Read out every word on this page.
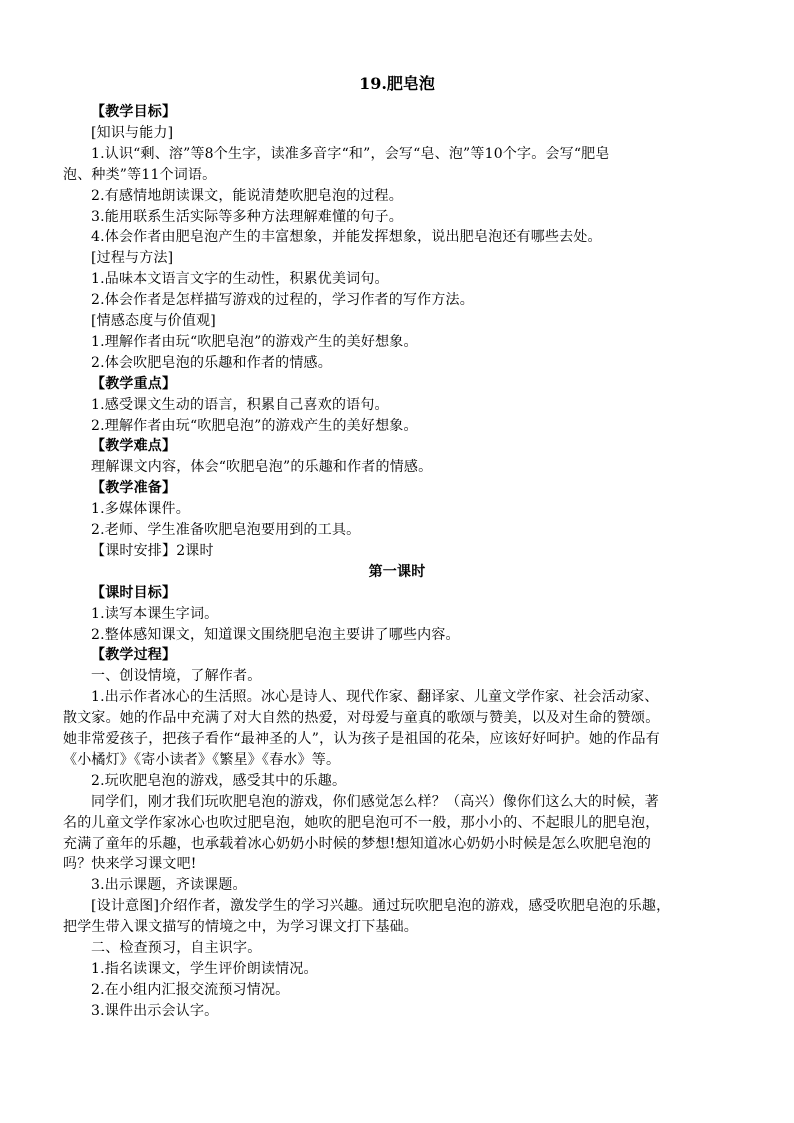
19.肥皂泡
【教学目标】
[知识与能力]
1.认识“剩、溶”等8个生字，读准多音字“和”，会写“皂、泡”等10个字。会写“肥皂
泡、种类”等11个词语。
2.有感情地朗读课文，能说清楚吹肥皂泡的过程。
3.能用联系生活实际等多种方法理解难懂的句子。
4.体会作者由肥皂泡产生的丰富想象，并能发挥想象，说出肥皂泡还有哪些去处。
[过程与方法]
1.品味本文语言文字的生动性，积累优美词句。
2.体会作者是怎样描写游戏的过程的，学习作者的写作方法。
[情感态度与价值观]
1.理解作者由玩“吹肥皂泡”的游戏产生的美好想象。
2.体会吹肥皂泡的乐趣和作者的情感。
【教学重点】
1.感受课文生动的语言，积累自己喜欢的语句。
2.理解作者由玩“吹肥皂泡”的游戏产生的美好想象。
【教学难点】
理解课文内容，体会“吹肥皂泡”的乐趣和作者的情感。
【教学准备】
1.多媒体课件。
2.老师、学生准备吹肥皂泡要用到的工具。
【课时安排】2课时
第一课时
【课时目标】
1.读写本课生字词。
2.整体感知课文，知道课文围绕肥皂泡主要讲了哪些内容。
【教学过程】
一、创设情境，了解作者。
1.出示作者冰心的生活照。冰心是诗人、现代作家、翻译家、儿童文学作家、社会活动家、
散文家。她的作品中充满了对大自然的热爱，对母爱与童真的歌颂与赞美，以及对生命的赞颂。
她非常爱孩子，把孩子看作“最神圣的人”，认为孩子是祖国的花朵，应该好好呵护。她的作品有
《小橘灯》《寄小读者》《繁星》《春水》等。
2.玩吹肥皂泡的游戏，感受其中的乐趣。
同学们，刚才我们玩吹肥皂泡的游戏，你们感觉怎么样？（高兴）像你们这么大的时候，著
名的儿童文学作家冰心也吹过肥皂泡，她吹的肥皂泡可不一般，那小小的、不起眼儿的肥皂泡，
充满了童年的乐趣，也承载着冰心奶奶小时候的梦想!想知道冰心奶奶小时候是怎么吹肥皂泡的
吗？快来学习课文吧!
3.出示课题，齐读课题。
[设计意图]介绍作者，激发学生的学习兴趣。通过玩吹肥皂泡的游戏，感受吹肥皂泡的乐趣，
把学生带入课文描写的情境之中，为学习课文打下基础。
二、检查预习，自主识字。
1.指名读课文，学生评价朗读情况。
2.在小组内汇报交流预习情况。
3.课件出示会认字。
